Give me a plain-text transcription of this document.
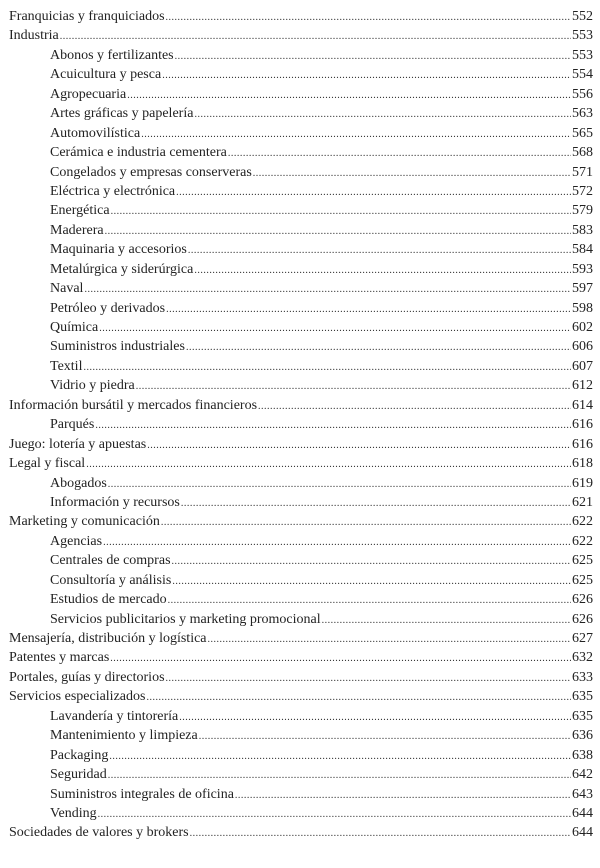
Franquicias y franquiciados .....	552
Industria .....	553
Abonos y fertilizantes .....	553
Acuicultura y pesca .....	554
Agropecuaria .....	556
Artes gráficas y papelería .....	563
Automovilística .....	565
Cerámica e industria cementera .....	568
Congelados y empresas conserveras .....	571
Eléctrica y electrónica .....	572
Energética .....	579
Maderera .....	583
Maquinaria y accesorios .....	584
Metalúrgica y siderúrgica .....	593
Naval .....	597
Petróleo y derivados .....	598
Química .....	602
Suministros industriales .....	606
Textil .....	607
Vidrio y piedra .....	612
Información bursátil y mercados financieros .....	614
Parqués .....	616
Juego: lotería y apuestas .....	616
Legal y fiscal .....	618
Abogados .....	619
Información y recursos .....	621
Marketing y comunicación .....	622
Agencias .....	622
Centrales de compras .....	625
Consultoría y análisis .....	625
Estudios de mercado .....	626
Servicios publicitarios y marketing promocional .....	626
Mensajería, distribución y logística .....	627
Patentes y marcas .....	632
Portales, guías y directorios .....	633
Servicios especializados .....	635
Lavandería y tintorería .....	635
Mantenimiento y limpieza .....	636
Packaging .....	638
Seguridad .....	642
Suministros integrales de oficina .....	643
Vending .....	644
Sociedades de valores y brokers .....	644
